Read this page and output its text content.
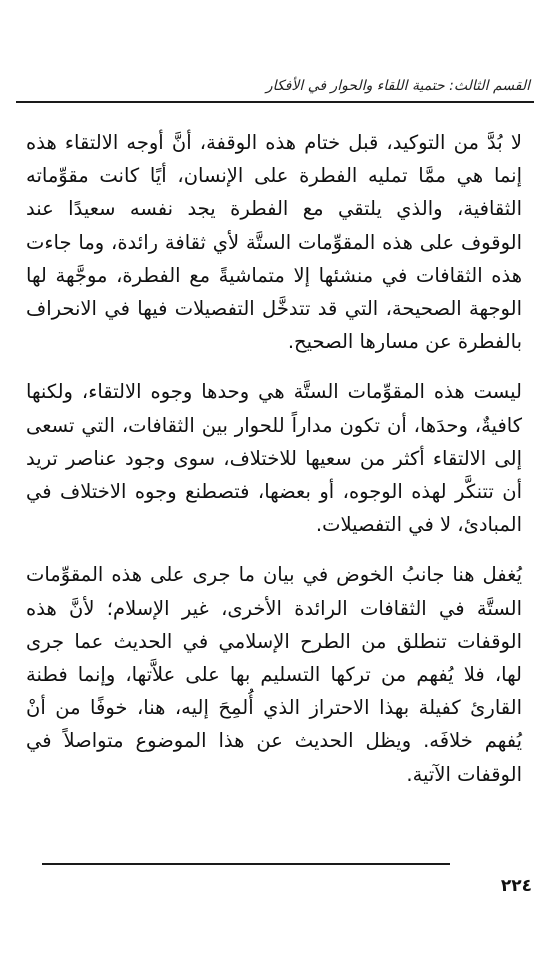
القسم الثالث: حتمية اللقاء والحوار في الأفكار

لا بُدَّ من التوكيد، قبل ختام هذه الوقفة، أنَّ أوجه الالتقاء هذه إنما هي ممَّا تمليه الفطرة على الإنسان، أيًا كانت مقوِّماته الثقافية، والذي يلتقي مع الفطرة يجد نفسه سعيدًا عند الوقوف على هذه المقوِّمات الستَّة لأي ثقافة رائدة، وما جاءت هذه الثقافات في منشئها إلا متماشيةً مع الفطرة، موجَّهة لها الوجهة الصحيحة، التي قد تتدخَّل التفصيلات فيها في الانحراف بالفطرة عن مسارها الصحيح.

ليست هذه المقوِّمات الستَّة هي وحدها وجوه الالتقاء، ولكنها كافيةٌ، وحدَها، أن تكون مداراً للحوار بين الثقافات، التي تسعى إلى الالتقاء أكثر من سعيها للاختلاف، سوى وجود عناصر تريد أن تتنكَّر لهذه الوجوه، أو بعضها، فتصطنع وجوه الاختلاف في المبادئ، لا في التفصيلات.

يُغفل هنا جانبُ الخوض في بيان ما جرى على هذه المقوِّمات الستَّة في الثقافات الرائدة الأخرى، غير الإسلام؛ لأنَّ هذه الوقفات تنطلق من الطرح الإسلامي في الحديث عما جرى لها، فلا يُفهم من تركها التسليم بها على علاَّتها، وإنما فطنة القارئ كفيلة بهذا الاحتراز الذي أُلمِحَ إليه، هنا، خوفًا من أنْ يُفهم خلافَه. ويظل الحديث عن هذا الموضوع متواصلاً في الوقفات الآتية.

٢٢٤
